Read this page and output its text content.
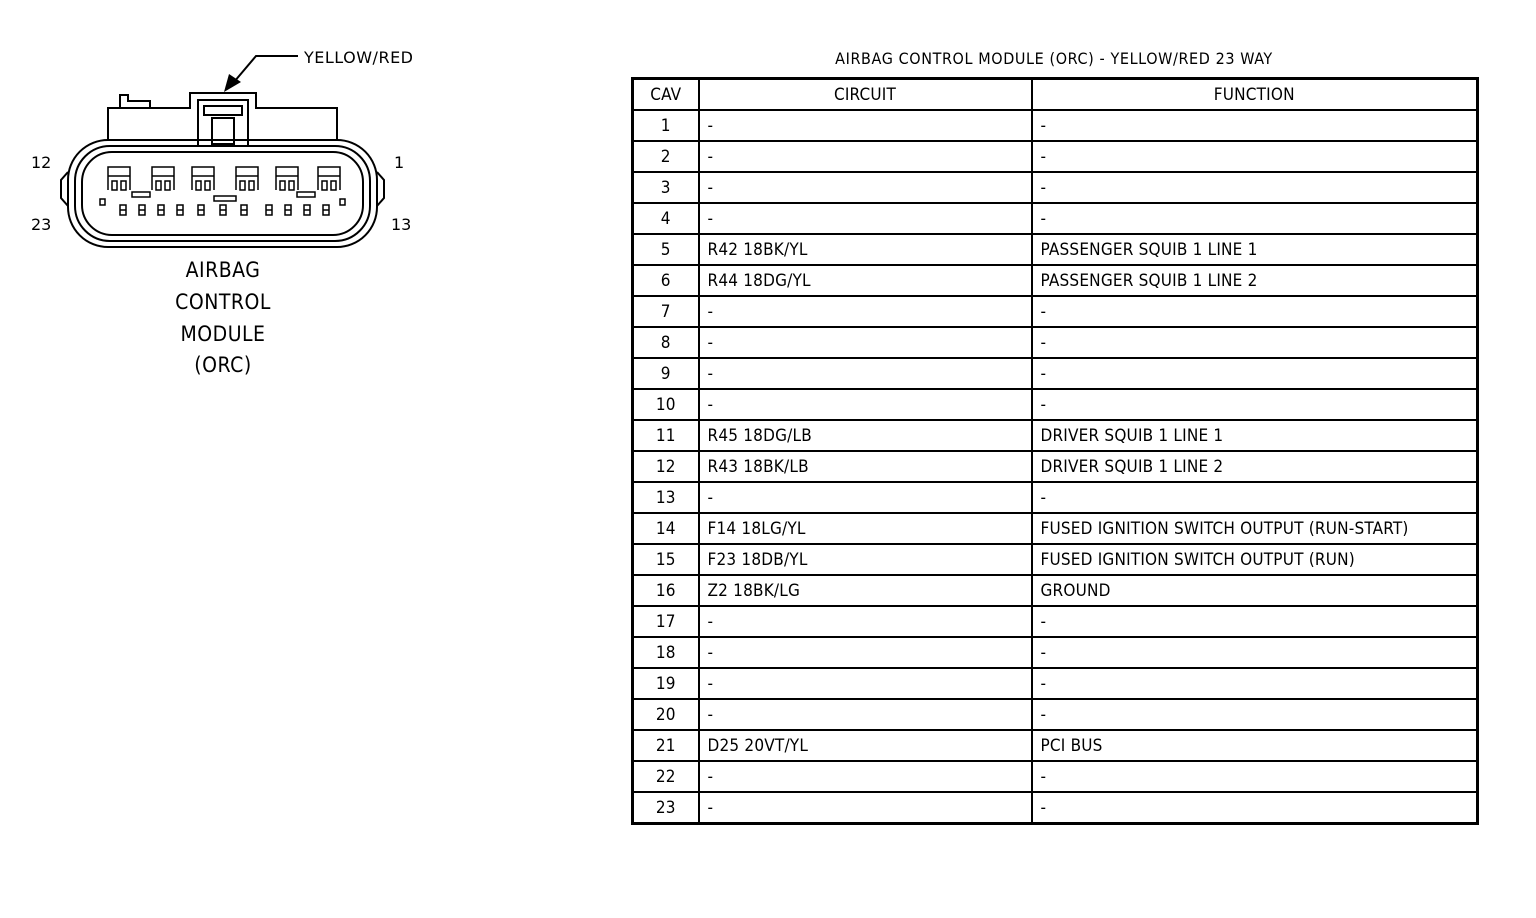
YELLOW/RED
12	1
23	13
AIRBAG
CONTROL
MODULE
(ORC)
AIRBAG CONTROL MODULE (ORC) - YELLOW/RED 23 WAY
CAV	CIRCUIT	FUNCTION
1	-	-
2	-	-
3	-	-
4	-	-
5	R42 18BK/YL	PASSENGER SQUIB 1 LINE 1
6	R44 18DG/YL	PASSENGER SQUIB 1 LINE 2
7	-	-
8	-	-
9	-	-
10	-	-
11	R45 18DG/LB	DRIVER SQUIB 1 LINE 1
12	R43 18BK/LB	DRIVER SQUIB 1 LINE 2
13	-	-
14	F14 18LG/YL	FUSED IGNITION SWITCH OUTPUT (RUN-START)
15	F23 18DB/YL	FUSED IGNITION SWITCH OUTPUT (RUN)
16	Z2 18BK/LG	GROUND
17	-	-
18	-	-
19	-	-
20	-	-
21	D25 20VT/YL	PCI BUS
22	-	-
23	-	-
